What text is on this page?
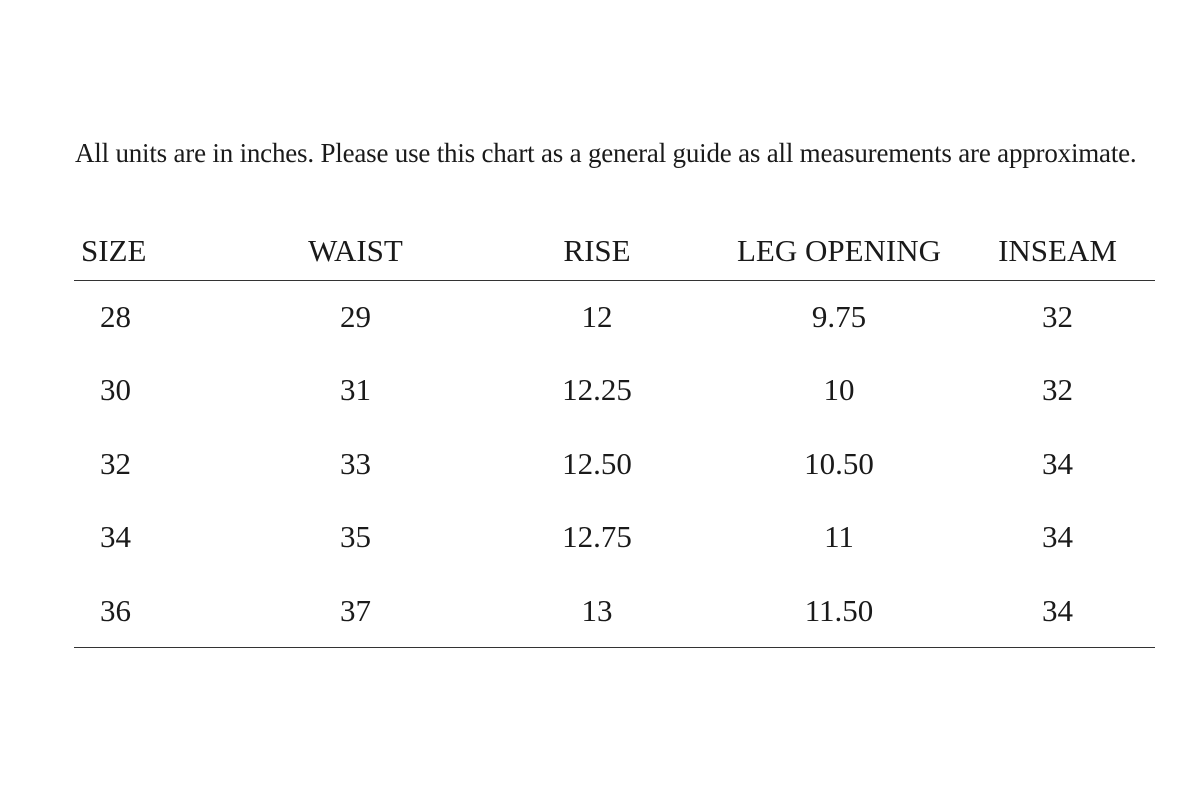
All units are in inches. Please use this chart as a general guide as all measurements are approximate.
SIZE	WAIST	RISE	LEG OPENING	INSEAM
28	29	12	9.75	32
30	31	12.25	10	32
32	33	12.50	10.50	34
34	35	12.75	11	34
36	37	13	11.50	34
